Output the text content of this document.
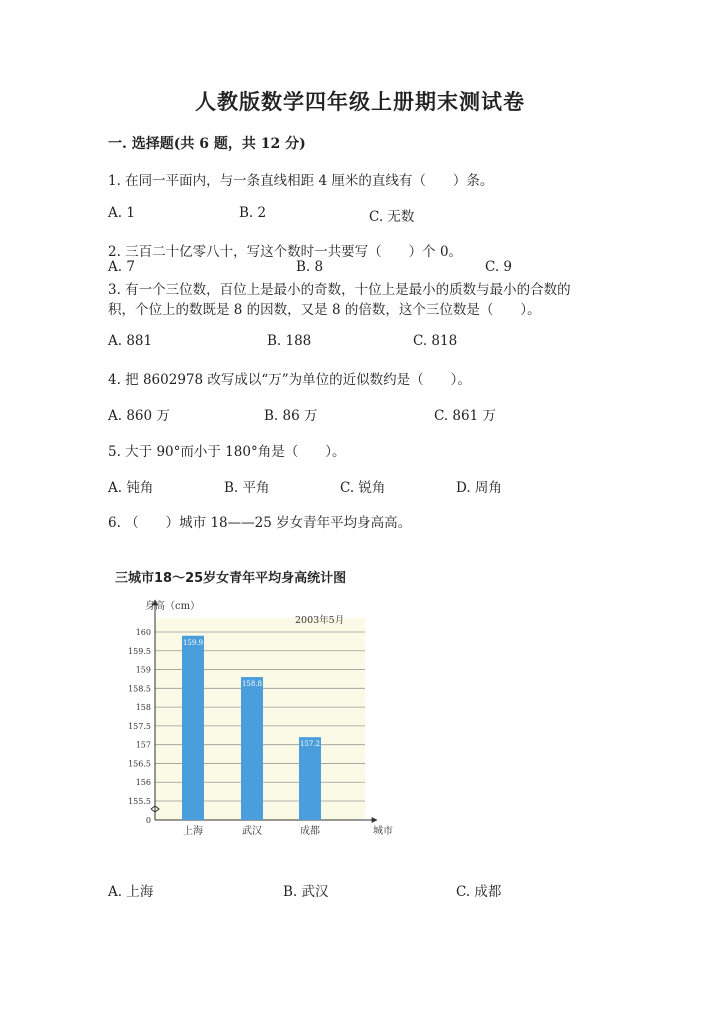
人教版数学四年级上册期末测试卷
一. 选择题(共 6 题，共 12 分)
1. 在同一平面内，与一条直线相距 4 厘米的直线有（　　）条。
A. 1	B. 2	C. 无数
2. 三百二十亿零八十，写这个数时一共要写（　　）个 0。
A. 7	B. 8	C. 9
3. 有一个三位数，百位上是最小的奇数，十位上是最小的质数与最小的合数的
积，个位上的数既是 8 的因数，又是 8 的倍数，这个三位数是（　　）。
A. 881	B. 188	C. 818
4. 把 8602978 改写成以“万”为单位的近似数约是（　　）。
A. 860 万	B. 86 万	C. 861 万
5. 大于 90°而小于 180°角是（　　）。
A. 钝角	B. 平角	C. 锐角	D. 周角
6. （　　）城市 18——25 岁女青年平均身高高。
三城市18～25岁女青年平均身高统计图
155.5
156
156.5
157
157.5
158
158.5
159
159.5
160
0
身高（cm）
城市
2003年5月
159.9
上海
158.8
武汉
157.2
成都
A. 上海	B. 武汉	C. 成都
